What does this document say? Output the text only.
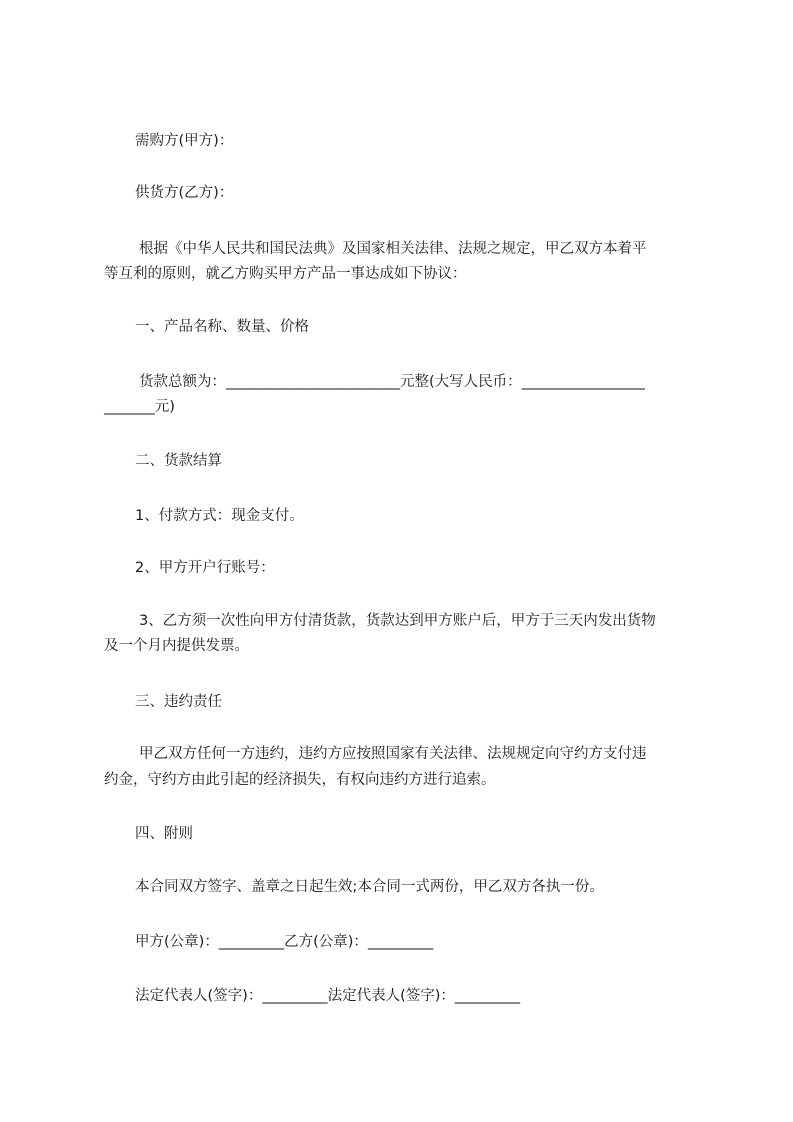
需购方(甲方)：
供货方(乙方)：
根据《中华人民共和国民法典》及国家相关法律、法规之规定，甲乙双方本着平
等互利的原则，就乙方购买甲方产品一事达成如下协议：
一、产品名称、数量、价格
货款总额为：________________________元整(大写人民币：_________________
_______元)
二、货款结算
1、付款方式：现金支付。
2、甲方开户行账号：
3、乙方须一次性向甲方付清货款，货款达到甲方账户后，甲方于三天内发出货物
及一个月内提供发票。
三、违约责任
甲乙双方任何一方违约，违约方应按照国家有关法律、法规规定向守约方支付违
约金，守约方由此引起的经济损失，有权向违约方进行追索。
四、附则
本合同双方签字、盖章之日起生效;本合同一式两份，甲乙双方各执一份。
甲方(公章)：_________乙方(公章)：_________
法定代表人(签字)：_________法定代表人(签字)：_________
